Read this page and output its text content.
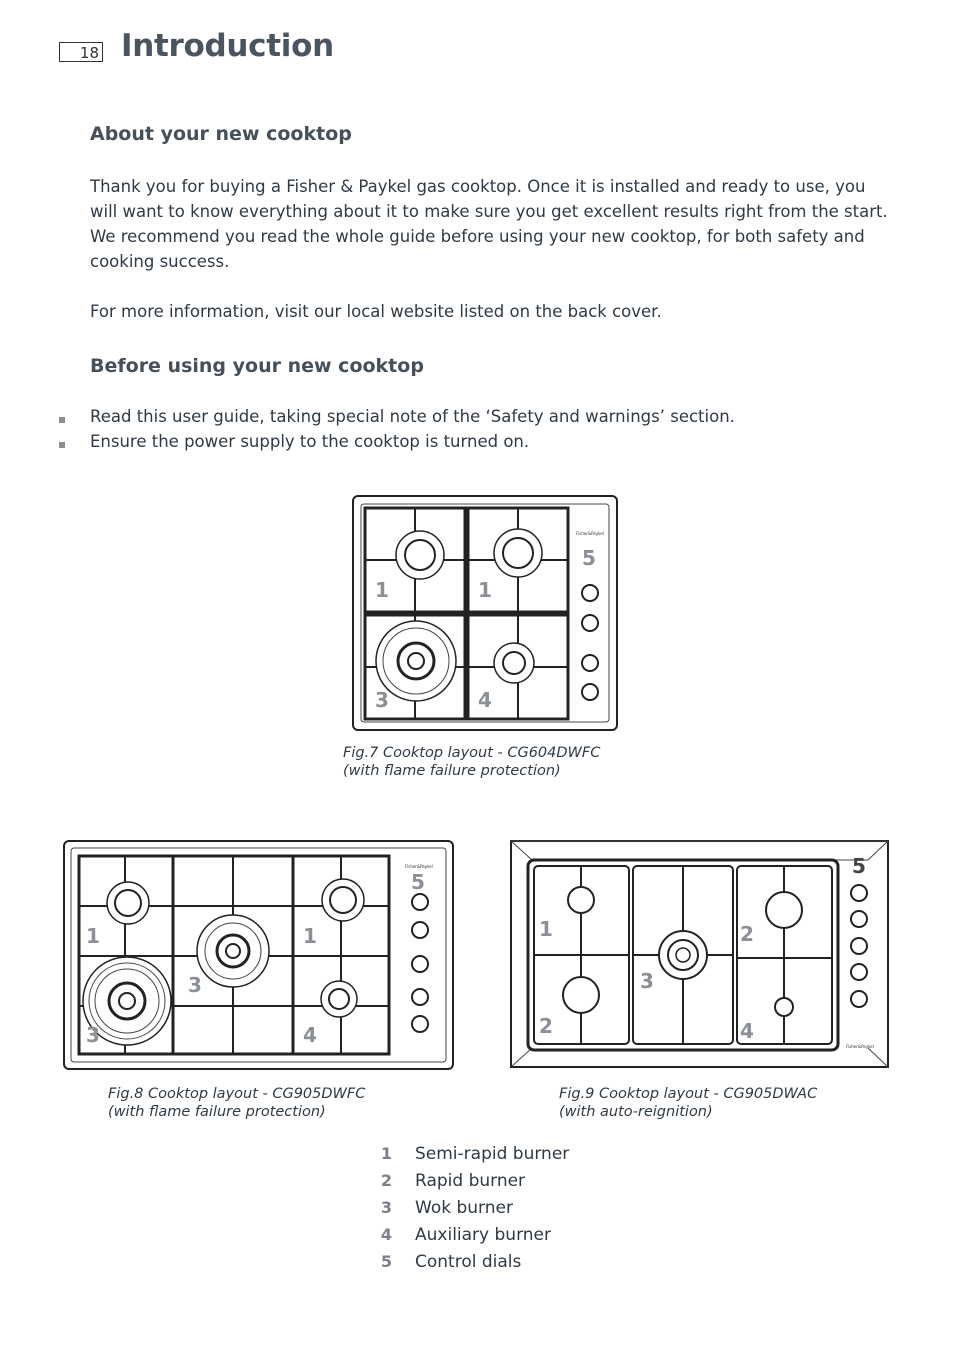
18 Introduction
About your new cooktop
Thank you for buying a Fisher & Paykel gas cooktop. Once it is installed and ready to use, you
will want to know everything about it to make sure you get excellent results right from the start.
We recommend you read the whole guide before using your new cooktop, for both safety and
cooking success.
For more information, visit our local website listed on the back cover.
Before using your new cooktop
Read this user guide, taking special note of the ‘Safety and warnings’ section.
Ensure the power supply to the cooktop is turned on.
Fisher&Paykel
1	1
3	4
5
Fig.7 Cooktop layout - CG604DWFC
(with flame failure protection)
Fisher&Paykel
1	1
3
3	4
5
Fig.8 Cooktop layout - CG905DWFC
(with flame failure protection)
Fisher&Paykel
1	2
2
3
4
5
Fig.9 Cooktop layout - CG905DWAC
(with auto-reignition)
1 Semi-rapid burner
2 Rapid burner
3 Wok burner
4 Auxiliary burner
5 Control dials
